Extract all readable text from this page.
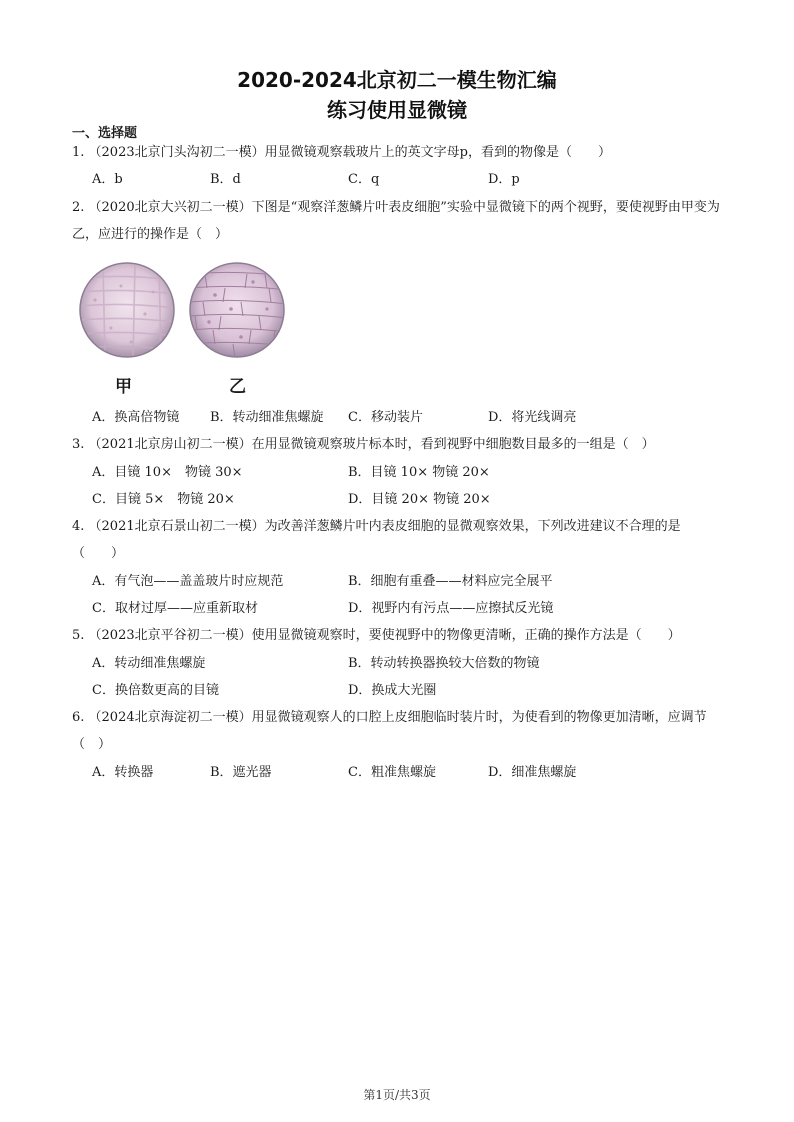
2020-2024北京初二一模生物汇编
练习使用显微镜
一、选择题
1. （2023北京门头沟初二一模）用显微镜观察载玻片上的英文字母p，看到的物像是（　　）
A．b	B．d	C．q	D．p
2. （2020北京大兴初二一模）下图是“观察洋葱鳞片叶表皮细胞”实验中显微镜下的两个视野，要使视野由甲变为乙，应进行的操作是（　）
甲	乙
A．换高倍物镜 B．转动细准焦螺旋 C．移动装片	D．将光线调亮
3. （2021北京房山初二一模）在用显微镜观察玻片标本时，看到视野中细胞数目最多的一组是（　）
A．目镜 10×　物镜 30×	B．目镜 10× 物镜 20×
C．目镜 5×　物镜 20×	D．目镜 20× 物镜 20×
4. （2021北京石景山初二一模）为改善洋葱鳞片叶内表皮细胞的显微观察效果，下列改进建议不合理的是（　　）
A．有气泡——盖盖玻片时应规范	B．细胞有重叠——材料应完全展平
C．取材过厚——应重新取材	D．视野内有污点——应擦拭反光镜
5. （2023北京平谷初二一模）使用显微镜观察时，要使视野中的物像更清晰，正确的操作方法是（　　）
A．转动细准焦螺旋	B．转动转换器换较大倍数的物镜
C．换倍数更高的目镜	D．换成大光圈
6. （2024北京海淀初二一模）用显微镜观察人的口腔上皮细胞临时装片时，为使看到的物像更加清晰，应调节（　）
A．转换器	B．遮光器	C．粗准焦螺旋	D．细准焦螺旋
第1页/共3页
